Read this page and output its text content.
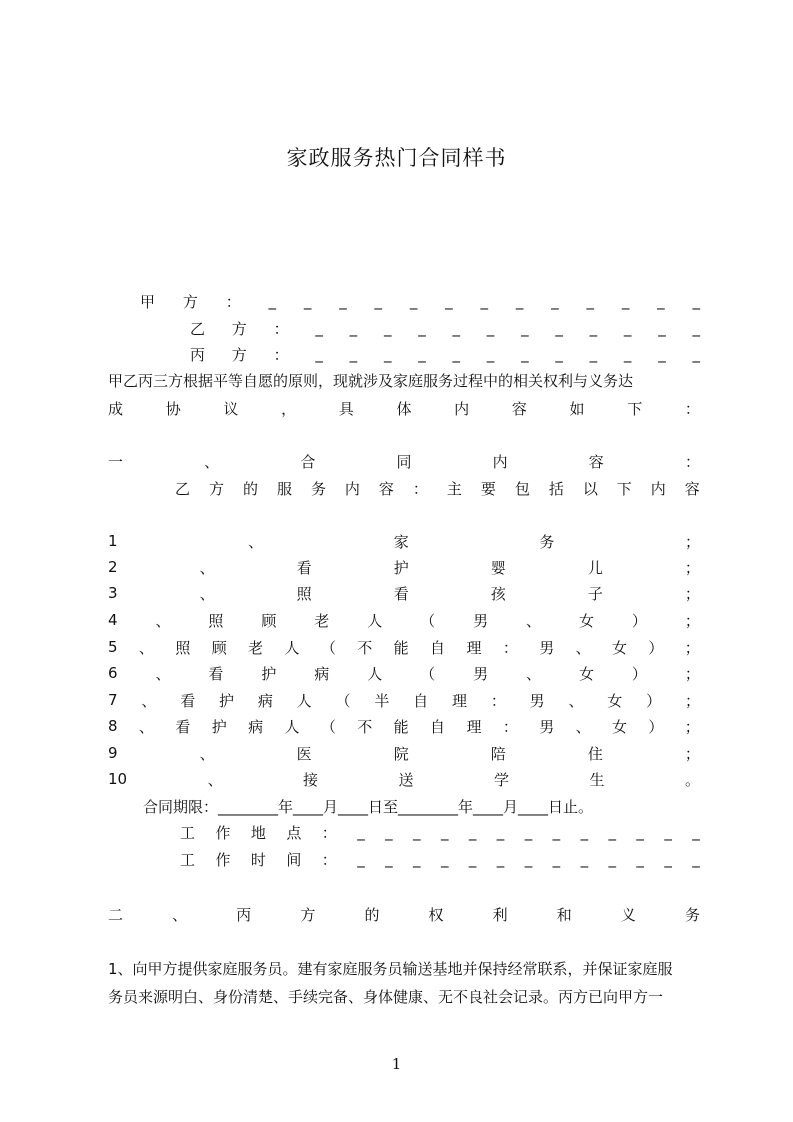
家政服务热门合同样书
甲 方 ： _ _ _ _ _ _ _ _ _ _ _ _ _
乙 方 ： _ _ _ _ _ _ _ _ _ _ _ _
丙 方 ： _ _ _ _ _ _ _ _ _ _ _ _
甲乙丙三方根据平等自愿的原则，现就涉及家庭服务过程中的相关权利与义务达
成	协	议	，	具	体	内	容	如	下	：
一	、	合	同	内	容	：
乙 方 的 服 务 内 容 ： 主 要 包 括 以 下 内 容
1	、	家	务	；
2	、	看	护	婴	儿	；
3	、	照	看	孩	子	；
4	、	照	顾	老	人	（	男	、	女	）	；
5 、 照 顾 老 人 （ 不 能 自 理 ： 男 、 女 ） ；
6	、	看	护	病	人	（	男	、	女	）	；
7 、 看 护 病 人 （ 半 自 理 ： 男 、 女 ） ；
8 、 看 护 病 人 （ 不 能 自 理 ： 男 、 女 ） ；
9	、	医	院	陪	住	；
10	、	接	送	学	生	。
合同期限：________年____月____日至________年____月____日止。
工 作 地 点 ： _ _ _ _ _ _ _ _ _ _ _ _ _
工 作 时 间 ： _ _ _ _ _ _ _ _ _ _ _ _ _
二	、	丙	方	的	权	利	和	义	务
1、向甲方提供家庭服务员。建有家庭服务员输送基地并保持经常联系，并保证家庭服
务员来源明白、身份清楚、手续完备、身体健康、无不良社会记录。丙方已向甲方一
1
